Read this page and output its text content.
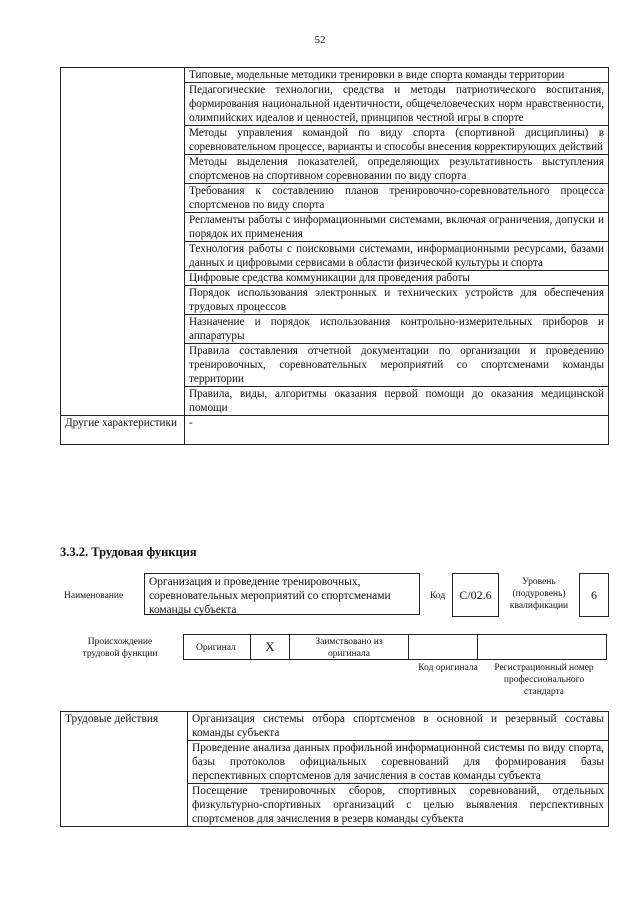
52
	Типовые, модельные методики тренировки в виде спорта команды территории
	Педагогические технологии, средства и методы патриотического воспитания, формирования национальной идентичности, общечеловеческих норм нравственности, олимпийских идеалов и ценностей, принципов честной игры в спорте
	Методы управления командой по виду спорта (спортивной дисциплины) в соревновательном процессе, варианты и способы внесения корректирующих действий
	Методы выделения показателей, определяющих результативность выступления спортсменов на спортивном соревновании по виду спорта
	Требования к составлению планов тренировочно-соревновательного процесса спортсменов по виду спорта
	Регламенты работы с информационными системами, включая ограничения, допуски и порядок их применения
	Технология работы с поисковыми системами, информационными ресурсами, базами данных и цифровыми сервисами в области физической культуры и спорта
	Цифровые средства коммуникации для проведения работы
	Порядок использования электронных и технических устройств для обеспечения трудовых процессов
	Назначение и порядок использования контрольно-измерительных приборов и аппаратуры
	Правила составления отчетной документации по организации и проведению тренировочных, соревновательных мероприятий со спортсменами команды территории
	Правила, виды, алгоритмы оказания первой помощи до оказания медицинской помощи
Другие характеристики	-
3.3.2. Трудовая функция
Наименование
Организация и проведение тренировочных, соревновательных мероприятий со спортсменами команды субъекта
Код	С/02.6
Уровень (подуровень) квалификации
6
Происхождение трудовой функции
Оригинал	X	Заимствовано из оригинала
Код оригинала	Регистрационный номер профессионального стандарта
Трудовые действия	Организация системы отбора спортсменов в основной и резервный составы команды субъекта
Проведение анализа данных профильной информационной системы по виду спорта, базы протоколов официальных соревнований для формирования базы перспективных спортсменов для зачисления в состав команды субъекта
Посещение тренировочных сборов, спортивных соревнований, отдельных физкультурно-спортивных организаций с целью выявления перспективных спортсменов для зачисления в резерв команды субъекта
